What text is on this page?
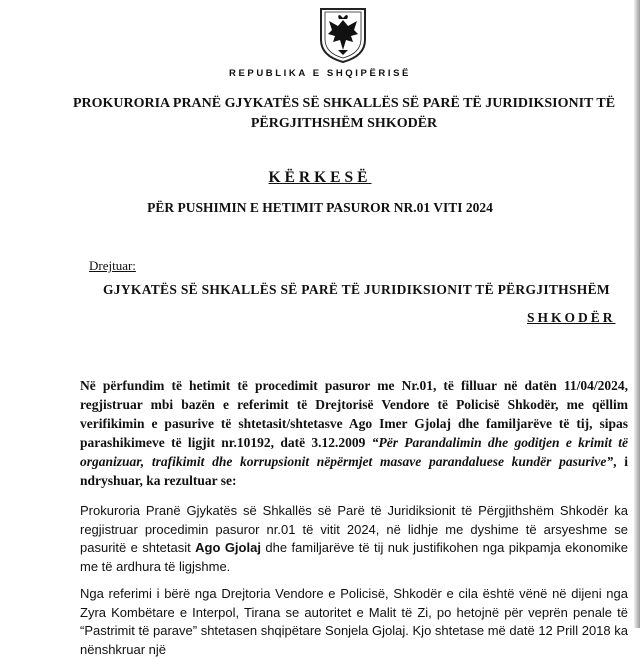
REPUBLIKA E SHQIPËRISË
PROKURORIA PRANË GJYKATËS SË SHKALLËS SË PARË TË JURIDIKSIONIT TË
PËRGJITHSHËM SHKODËR
KËRKESË
PËR PUSHIMIN E HETIMIT PASUROR NR.01 VITI 2024
Drejtuar:
GJYKATËS SË SHKALLËS SË PARË TË JURIDIKSIONIT TË PËRGJITHSHËM
SHKODËR
Në përfundim të hetimit të procedimit pasuror me Nr.01, të filluar në datën 11/04/2024, regjistruar mbi bazën e referimit të Drejtorisë Vendore të Policisë Shkodër, me qëllim verifikimin e pasurive të shtetasit/shtetasve Ago Imer Gjolaj dhe familjarëve të tij, sipas parashikimeve të ligjit nr.10192, datë 3.12.2009 “Për Parandalimin dhe goditjen e krimit të organizuar, trafikimit dhe korrupsionit nëpërmjet masave parandaluese kundër pasurive”, i ndryshuar, ka rezultuar se:
Prokuroria Pranë Gjykatës së Shkallës së Parë të Juridiksionit të Përgjithshëm Shkodër ka regjistruar procedimin pasuror nr.01 të vitit 2024, në lidhje me dyshime të arsyeshme se pasuritë e shtetasit Ago Gjolaj dhe familjarëve të tij nuk justifikohen nga pikpamja ekonomike me të ardhura të ligjshme.
Nga referimi i bërë nga Drejtoria Vendore e Policisë, Shkodër e cila është vënë në dijeni nga Zyra Kombëtare e Interpol, Tirana se autoritet e Malit të Zi, po hetojnë për veprën penale të “Pastrimit të parave” shtetasen shqipëtare Sonjela Gjolaj. Kjo shtetase më datë 12 Prill 2018 ka nënshkruar një
